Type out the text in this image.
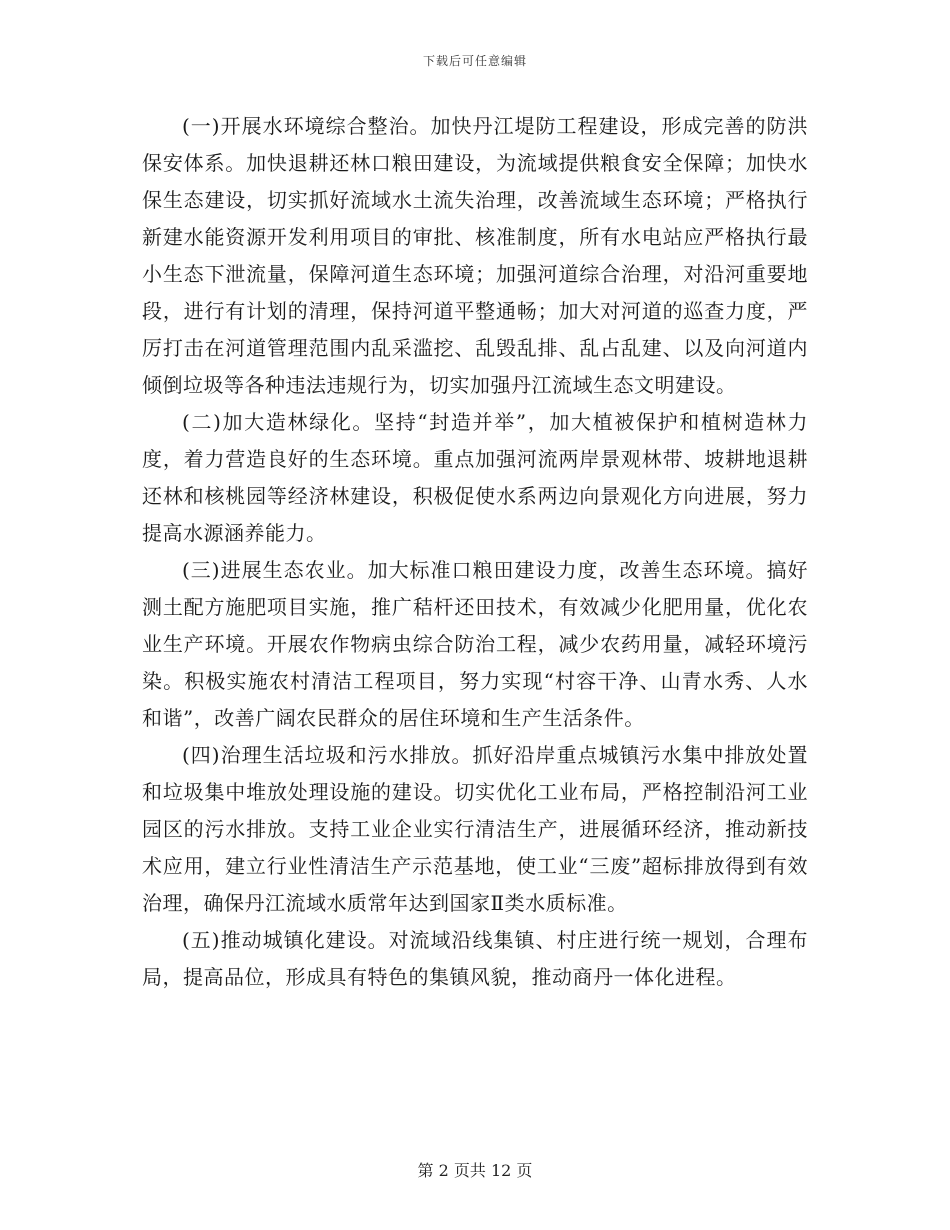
下载后可任意编辑

(一)开展水环境综合整治。加快丹江堤防工程建设，形成完善的防洪保安体系。加快退耕还林口粮田建设，为流域提供粮食安全保障；加快水保生态建设，切实抓好流域水土流失治理，改善流域生态环境；严格执行新建水能资源开发利用项目的审批、核准制度，所有水电站应严格执行最小生态下泄流量，保障河道生态环境；加强河道综合治理，对沿河重要地段，进行有计划的清理，保持河道平整通畅；加大对河道的巡查力度，严厉打击在河道管理范围内乱采滥挖、乱毁乱排、乱占乱建、以及向河道内倾倒垃圾等各种违法违规行为，切实加强丹江流域生态文明建设。

(二)加大造林绿化。坚持“封造并举”，加大植被保护和植树造林力度，着力营造良好的生态环境。重点加强河流两岸景观林带、坡耕地退耕还林和核桃园等经济林建设，积极促使水系两边向景观化方向进展，努力提高水源涵养能力。

(三)进展生态农业。加大标准口粮田建设力度，改善生态环境。搞好测土配方施肥项目实施，推广秸杆还田技术，有效减少化肥用量，优化农业生产环境。开展农作物病虫综合防治工程，减少农药用量，减轻环境污染。积极实施农村清洁工程项目，努力实现“村容干净、山青水秀、人水和谐”，改善广阔农民群众的居住环境和生产生活条件。

(四)治理生活垃圾和污水排放。抓好沿岸重点城镇污水集中排放处置和垃圾集中堆放处理设施的建设。切实优化工业布局，严格控制沿河工业园区的污水排放。支持工业企业实行清洁生产，进展循环经济，推动新技术应用，建立行业性清洁生产示范基地，使工业“三废”超标排放得到有效治理，确保丹江流域水质常年达到国家Ⅱ类水质标准。

(五)推动城镇化建设。对流域沿线集镇、村庄进行统一规划，合理布局，提高品位，形成具有特色的集镇风貌，推动商丹一体化进程。

第 2 页共 12 页
